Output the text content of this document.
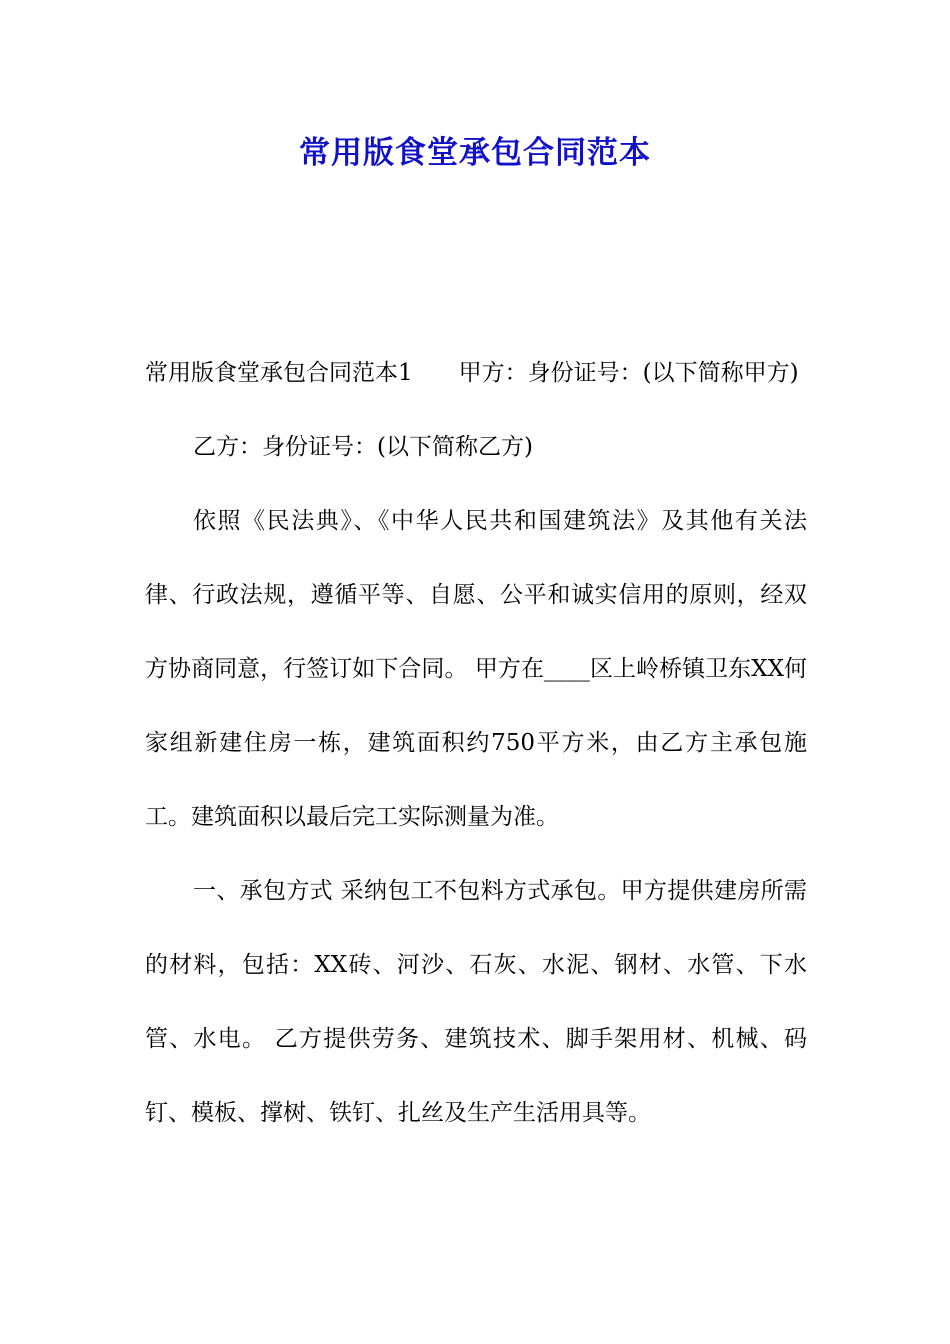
常用版食堂承包合同范本

常用版食堂承包合同范本1　　甲方：身份证号：(以下简称甲方)

乙方：身份证号：(以下简称乙方)

依照《民法典》、《中华人民共和国建筑法》及其他有关法律、行政法规，遵循平等、自愿、公平和诚实信用的原则，经双方协商同意，行签订如下合同。 甲方在____区上岭桥镇卫东XX何家组新建住房一栋，建筑面积约750平方米，由乙方主承包施工。建筑面积以最后完工实际测量为准。

一、承包方式 采纳包工不包料方式承包。甲方提供建房所需的材料，包括：XX砖、河沙、石灰、水泥、钢材、水管、下水管、水电。 乙方提供劳务、建筑技术、脚手架用材、机械、码钉、模板、撑树、铁钉、扎丝及生产生活用具等。
